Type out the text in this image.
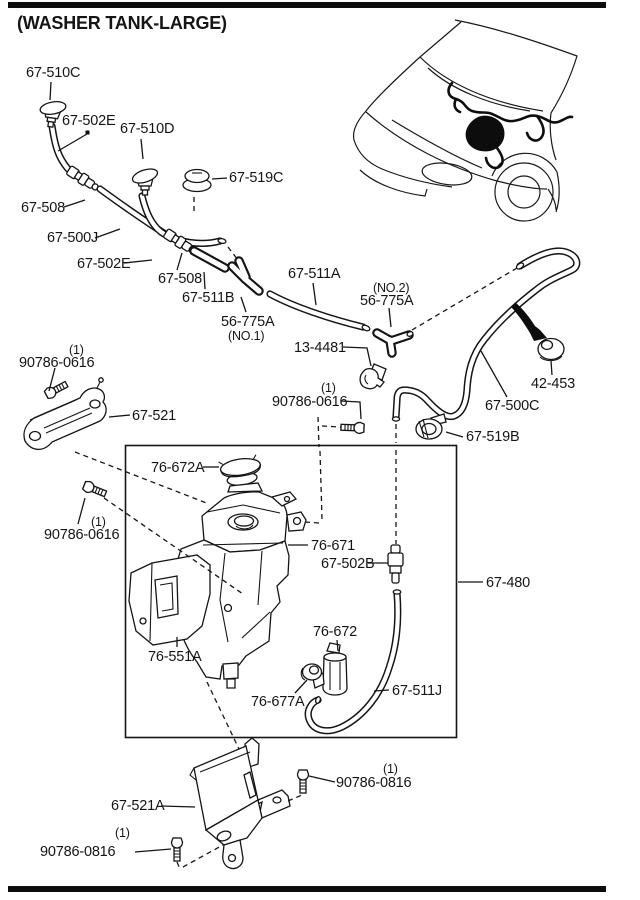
(WASHER TANK-LARGE)
67-510C
67-502E 67-510D
67-519C
67-508
67-500J
67-502E
67-508
67-511B
56-775A
(NO.1)
67-511A
(NO.2)
56-775A
13-4481
(1)
90786-0616
67-521
(1)
90786-0616
(1)
90786-0616
42-453
67-500C
67-519B
76-672A
76-671
67-502B
67-480
76-672
76-551A
76-677A
67-511J
(1)
90786-0816
67-521A
(1)
90786-0816
